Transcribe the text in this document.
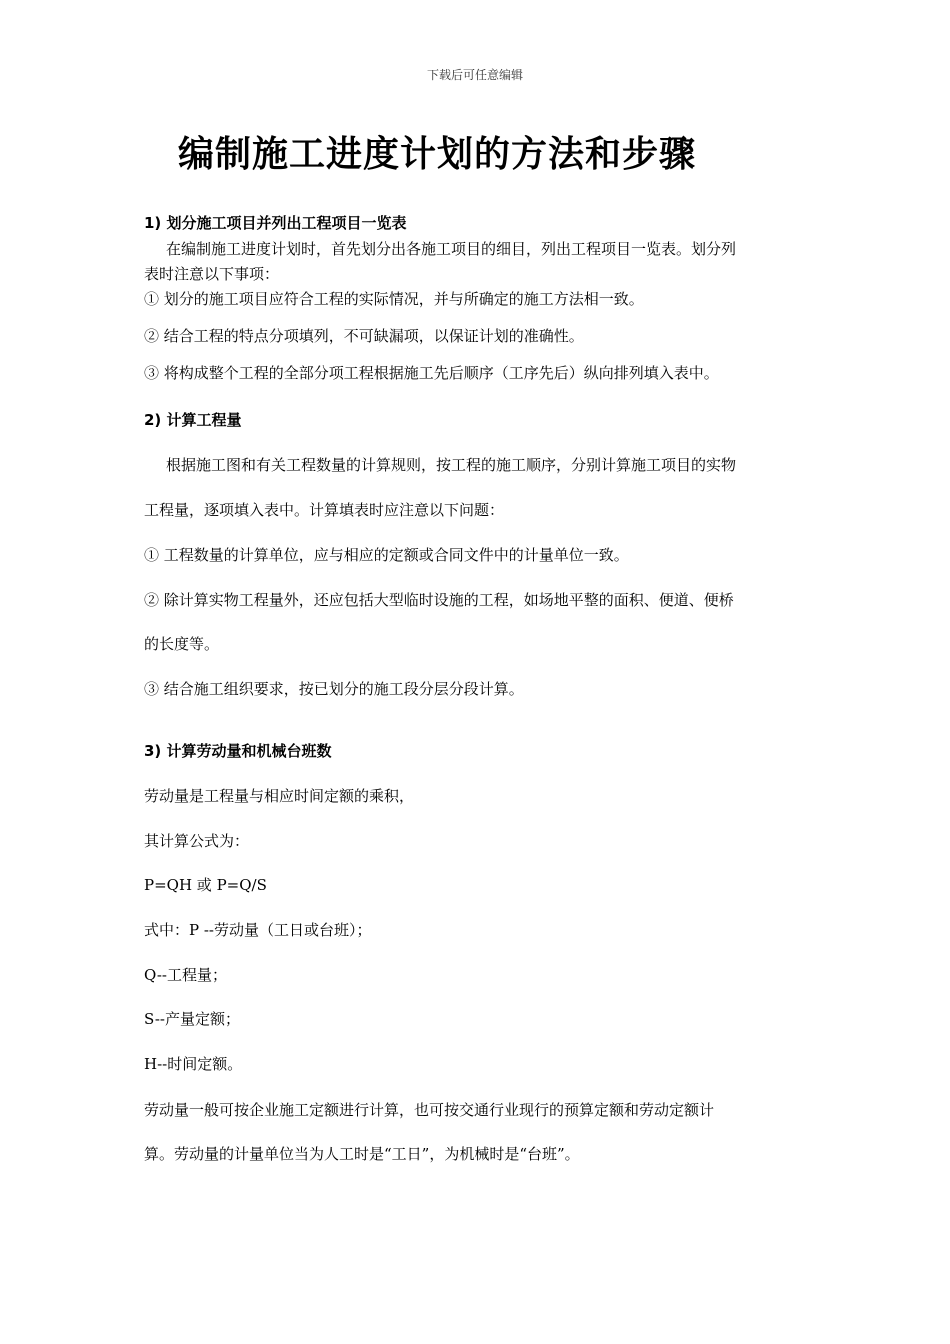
下载后可任意编辑
编制施工进度计划的方法和步骤
1) 划分施工项目并列出工程项目一览表
在编制施工进度计划时，首先划分出各施工项目的细目，列出工程项目一览表。划分列
表时注意以下事项：
① 划分的施工项目应符合工程的实际情况，并与所确定的施工方法相一致。
② 结合工程的特点分项填列，不可缺漏项，以保证计划的准确性。
③ 将构成整个工程的全部分项工程根据施工先后顺序（工序先后）纵向排列填入表中。
2) 计算工程量
根据施工图和有关工程数量的计算规则，按工程的施工顺序，分别计算施工项目的实物
工程量，逐项填入表中。计算填表时应注意以下问题：
① 工程数量的计算单位，应与相应的定额或合同文件中的计量单位一致。
② 除计算实物工程量外，还应包括大型临时设施的工程，如场地平整的面积、便道、便桥
的长度等。
③ 结合施工组织要求，按已划分的施工段分层分段计算。
3) 计算劳动量和机械台班数
劳动量是工程量与相应时间定额的乘积，
其计算公式为：
P=QH 或 P=Q/S
式中：P --劳动量（工日或台班）；
Q--工程量；
S--产量定额；
H--时间定额。
劳动量一般可按企业施工定额进行计算，也可按交通行业现行的预算定额和劳动定额计
算。劳动量的计量单位当为人工时是“工日”，为机械时是“台班”。
